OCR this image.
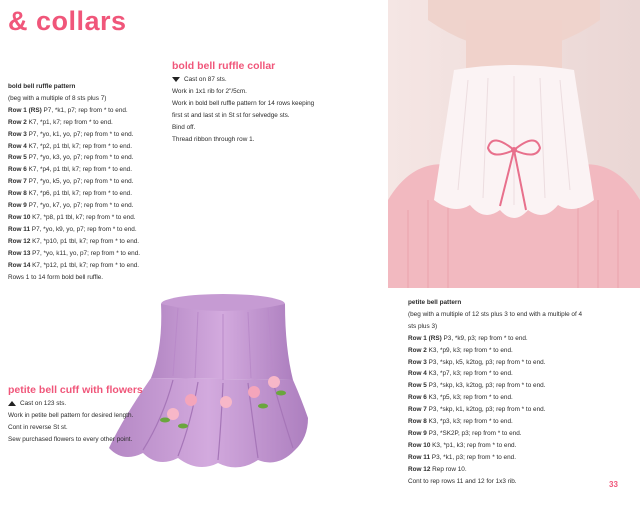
& collars
bold bell ruffle pattern
(beg with a multiple of 8 sts plus 7)
Row 1 (RS) P7, *k1, p7; rep from * to end.
Row 2 K7, *p1, k7; rep from * to end.
Row 3 P7, *yo, k1, yo, p7; rep from * to end.
Row 4 K7, *p2, p1 tbl, k7; rep from * to end.
Row 5 P7, *yo, k3, yo, p7; rep from * to end.
Row 6 K7, *p4, p1 tbl, k7; rep from * to end.
Row 7 P7, *yo, k5, yo, p7; rep from * to end.
Row 8 K7, *p6, p1 tbl, k7; rep from * to end.
Row 9 P7, *yo, k7, yo, p7; rep from * to end.
Row 10 K7, *p8, p1 tbl, k7; rep from * to end.
Row 11 P7, *yo, k9, yo, p7; rep from * to end.
Row 12 K7, *p10, p1 tbl, k7; rep from * to end.
Row 13 P7, *yo, k11, yo, p7; rep from * to end.
Row 14 K7, *p12, p1 tbl, k7; rep from * to end.
Rows 1 to 14 form bold bell ruffle.
bold bell ruffle collar
Cast on 87 sts.
Work in 1x1 rib for 2"/5cm.
Work in bold bell ruffle pattern for 14 rows keeping
first st and last st in St st for selvedge sts.
Bind off.
Thread ribbon through row 1.
petite bell cuff with flowers
Cast on 123 sts.
Work in petite bell pattern for desired length.
Cont in reverse St st.
Sew purchased flowers to every other point.
petite bell pattern
(beg with a multiple of 12 sts plus 3 to end with a multiple of 4
sts plus 3)
Row 1 (RS) P3, *k9, p3; rep from * to end.
Row 2 K3, *p9, k3; rep from * to end.
Row 3 P3, *skp, k5, k2tog, p3; rep from * to end.
Row 4 K3, *p7, k3; rep from * to end.
Row 5 P3, *skp, k3, k2tog, p3; rep from * to end.
Row 6 K3, *p5, k3; rep from * to end.
Row 7 P3, *skp, k1, k2tog, p3; rep from * to end.
Row 8 K3, *p3, k3; rep from * to end.
Row 9 P3, *SK2P, p3; rep from * to end.
Row 10 K3, *p1, k3; rep from * to end.
Row 11 P3, *k1, p3; rep from * to end.
Row 12 Rep row 10.
Cont to rep rows 11 and 12 for 1x3 rib.	33
